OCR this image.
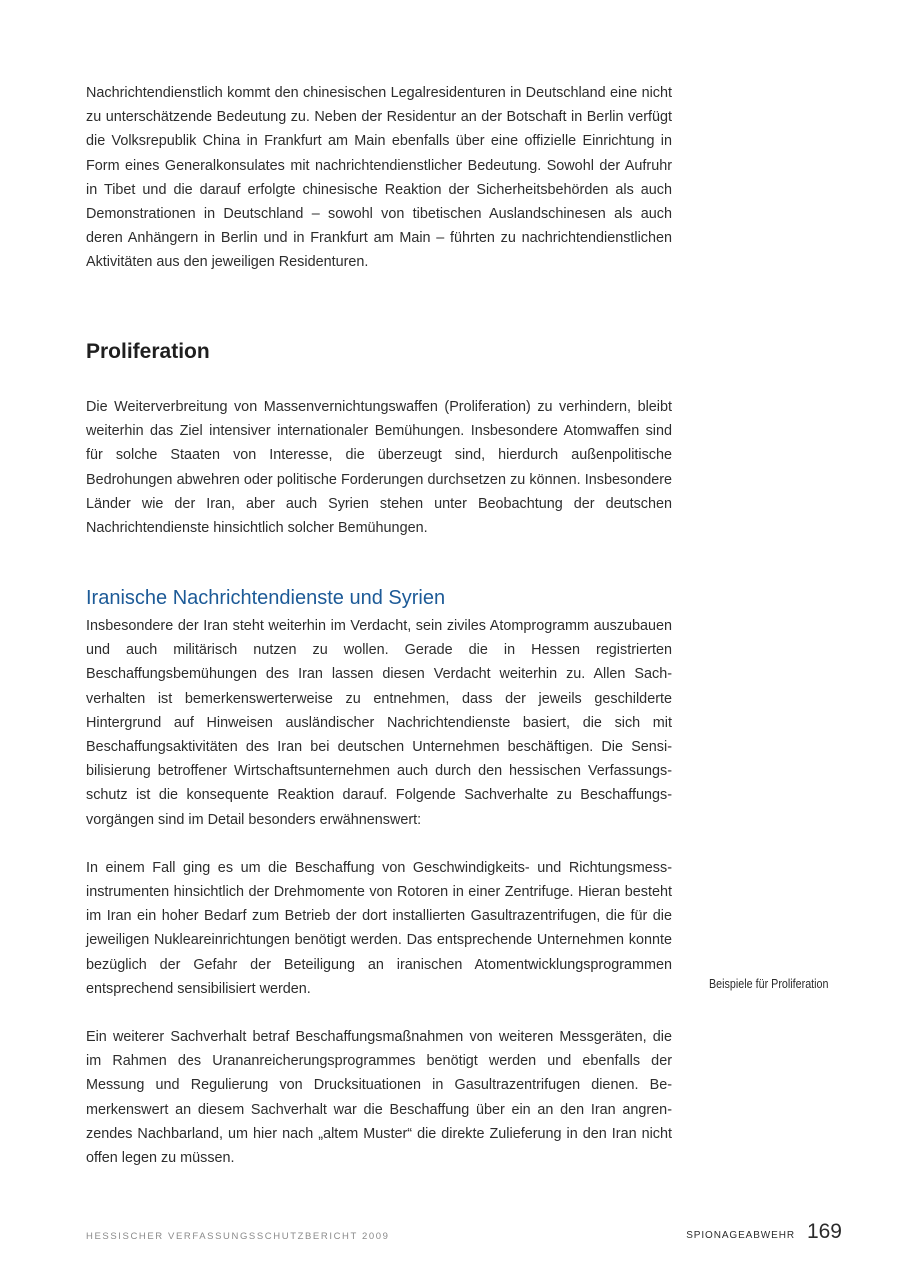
Nachrichtendienstlich kommt den chinesischen Legalresidenturen in Deutschland eine nicht zu unterschätzende Bedeutung zu. Neben der Residentur an der Botschaft in Berlin verfügt die Volksrepublik China in Frankfurt am Main ebenfalls über eine offizielle Einrichtung in Form eines Generalkonsulates mit nachrichtendienstlicher Bedeutung. Sowohl der Aufruhr in Tibet und die darauf erfolgte chinesische Reaktion der Sicherheitsbehörden als auch Demonstrationen in Deutschland – sowohl von tibetischen Auslandschinesen als auch deren Anhängern in Berlin und in Frankfurt am Main – führten zu nachrichtendienstlichen Aktivitäten aus den jeweiligen Residenturen.

Proliferation

Die Weiterverbreitung von Massenvernichtungswaffen (Proliferation) zu verhindern, bleibt weiterhin das Ziel intensiver internationaler Bemühungen. Insbesondere Atomwaffen sind für solche Staaten von Interesse, die überzeugt sind, hierdurch außenpolitische Bedrohungen abwehren oder politische Forderungen durchsetzen zu können. Insbesondere Länder wie der Iran, aber auch Syrien stehen unter Beobachtung der deutschen Nachrichtendienste hinsichtlich solcher Bemühungen.

Iranische Nachrichtendienste und Syrien

Insbesondere der Iran steht weiterhin im Verdacht, sein ziviles Atomprogramm auszubauen und auch militärisch nutzen zu wollen. Gerade die in Hessen registrierten Beschaffungsbemühungen des Iran lassen diesen Verdacht weiterhin zu. Allen Sachverhalten ist bemerkenswerterweise zu entnehmen, dass der jeweils geschilderte Hintergrund auf Hinweisen ausländischer Nachrichtendienste basiert, die sich mit Beschaffungsaktivitäten des Iran bei deutschen Unternehmen beschäftigen. Die Sensibilisierung betroffener Wirtschaftsunternehmen auch durch den hessischen Verfassungsschutz ist die konsequente Reaktion darauf. Folgende Sachverhalte zu Beschaffungsvorgängen sind im Detail besonders erwähnenswert:

In einem Fall ging es um die Beschaffung von Geschwindigkeits- und Richtungsmessinstrumenten hinsichtlich der Drehmomente von Rotoren in einer Zentrifuge. Hieran besteht im Iran ein hoher Bedarf zum Betrieb der dort installierten Gasultrazentrifugen, die für die jeweiligen Nukleareinrichtungen benötigt werden. Das entsprechende Unternehmen konnte bezüglich der Gefahr der Beteiligung an iranischen Atomentwicklungsprogrammen entsprechend sensibilisiert werden.

Ein weiterer Sachverhalt betraf Beschaffungsmaßnahmen von weiteren Messgeräten, die im Rahmen des Urananreicherungsprogrammes benötigt werden und ebenfalls der Messung und Regulierung von Drucksituationen in Gasultrazentrifugen dienen. Bemerkenswert an diesem Sachverhalt war die Beschaffung über ein an den Iran angrenzendes Nachbarland, um hier nach „altem Muster“ die direkte Zulieferung in den Iran nicht offen legen zu müssen.

Beispiele für Proliferation
HESSISCHER VERFASSUNGSSCHUTZBERICHT 2009	SPIONAGEABWEHR 169
